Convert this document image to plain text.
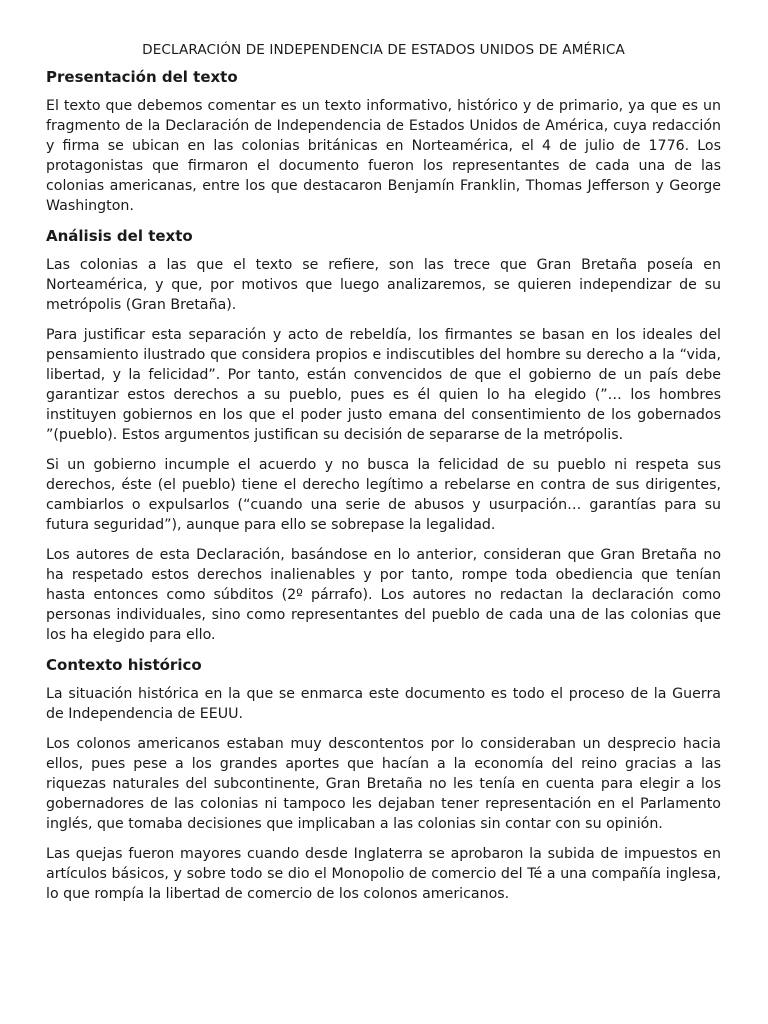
DECLARACIÓN DE INDEPENDENCIA DE ESTADOS UNIDOS DE AMÉRICA
Presentación del texto

El texto que debemos comentar es un texto informativo, histórico y de primario, ya que es un fragmento de la Declaración de Independencia de Estados Unidos de América, cuya redacción y firma se ubican en las colonias británicas en Norteamérica, el 4 de julio de 1776. Los protagonistas que firmaron el documento fueron los representantes de cada una de las colonias americanas, entre los que destacaron Benjamín Franklin, Thomas Jefferson y George Washington.

Análisis del texto

Las colonias a las que el texto se refiere, son las trece que Gran Bretaña poseía en Norteamérica, y que, por motivos que luego analizaremos, se quieren independizar de su metrópolis (Gran Bretaña).

Para justificar esta separación y acto de rebeldía, los firmantes se basan en los ideales del pensamiento ilustrado que considera propios e indiscutibles del hombre su derecho a la “vida, libertad, y la felicidad”. Por tanto, están convencidos de que el gobierno de un país debe garantizar estos derechos a su pueblo, pues es él quien lo ha elegido (”… los hombres instituyen gobiernos en los que el poder justo emana del consentimiento de los gobernados ”(pueblo). Estos argumentos justifican su decisión de separarse de la metrópolis.

Si un gobierno incumple el acuerdo y no busca la felicidad de su pueblo ni respeta sus derechos, éste (el pueblo) tiene el derecho legítimo a rebelarse en contra de sus dirigentes, cambiarlos o expulsarlos (“cuando una serie de abusos y usurpación… garantías para su futura seguridad”), aunque para ello se sobrepase la legalidad.

Los autores de esta Declaración, basándose en lo anterior, consideran que Gran Bretaña no ha respetado estos derechos inalienables y por tanto, rompe toda obediencia que tenían hasta entonces como súbditos (2º párrafo). Los autores no redactan la declaración como personas individuales, sino como representantes del pueblo de cada una de las colonias que los ha elegido para ello.

Contexto histórico

La situación histórica en la que se enmarca este documento es todo el proceso de la Guerra de Independencia de EEUU.

Los colonos americanos estaban muy descontentos por lo consideraban un desprecio hacia ellos, pues pese a los grandes aportes que hacían a la economía del reino gracias a las riquezas naturales del subcontinente, Gran Bretaña no les tenía en cuenta para elegir a los gobernadores de las colonias ni tampoco les dejaban tener representación en el Parlamento inglés, que tomaba decisiones que implicaban a las colonias sin contar con su opinión.

Las quejas fueron mayores cuando desde Inglaterra se aprobaron la subida de impuestos en artículos básicos, y sobre todo se dio el Monopolio de comercio del Té a una compañía inglesa, lo que rompía la libertad de comercio de los colonos americanos.
